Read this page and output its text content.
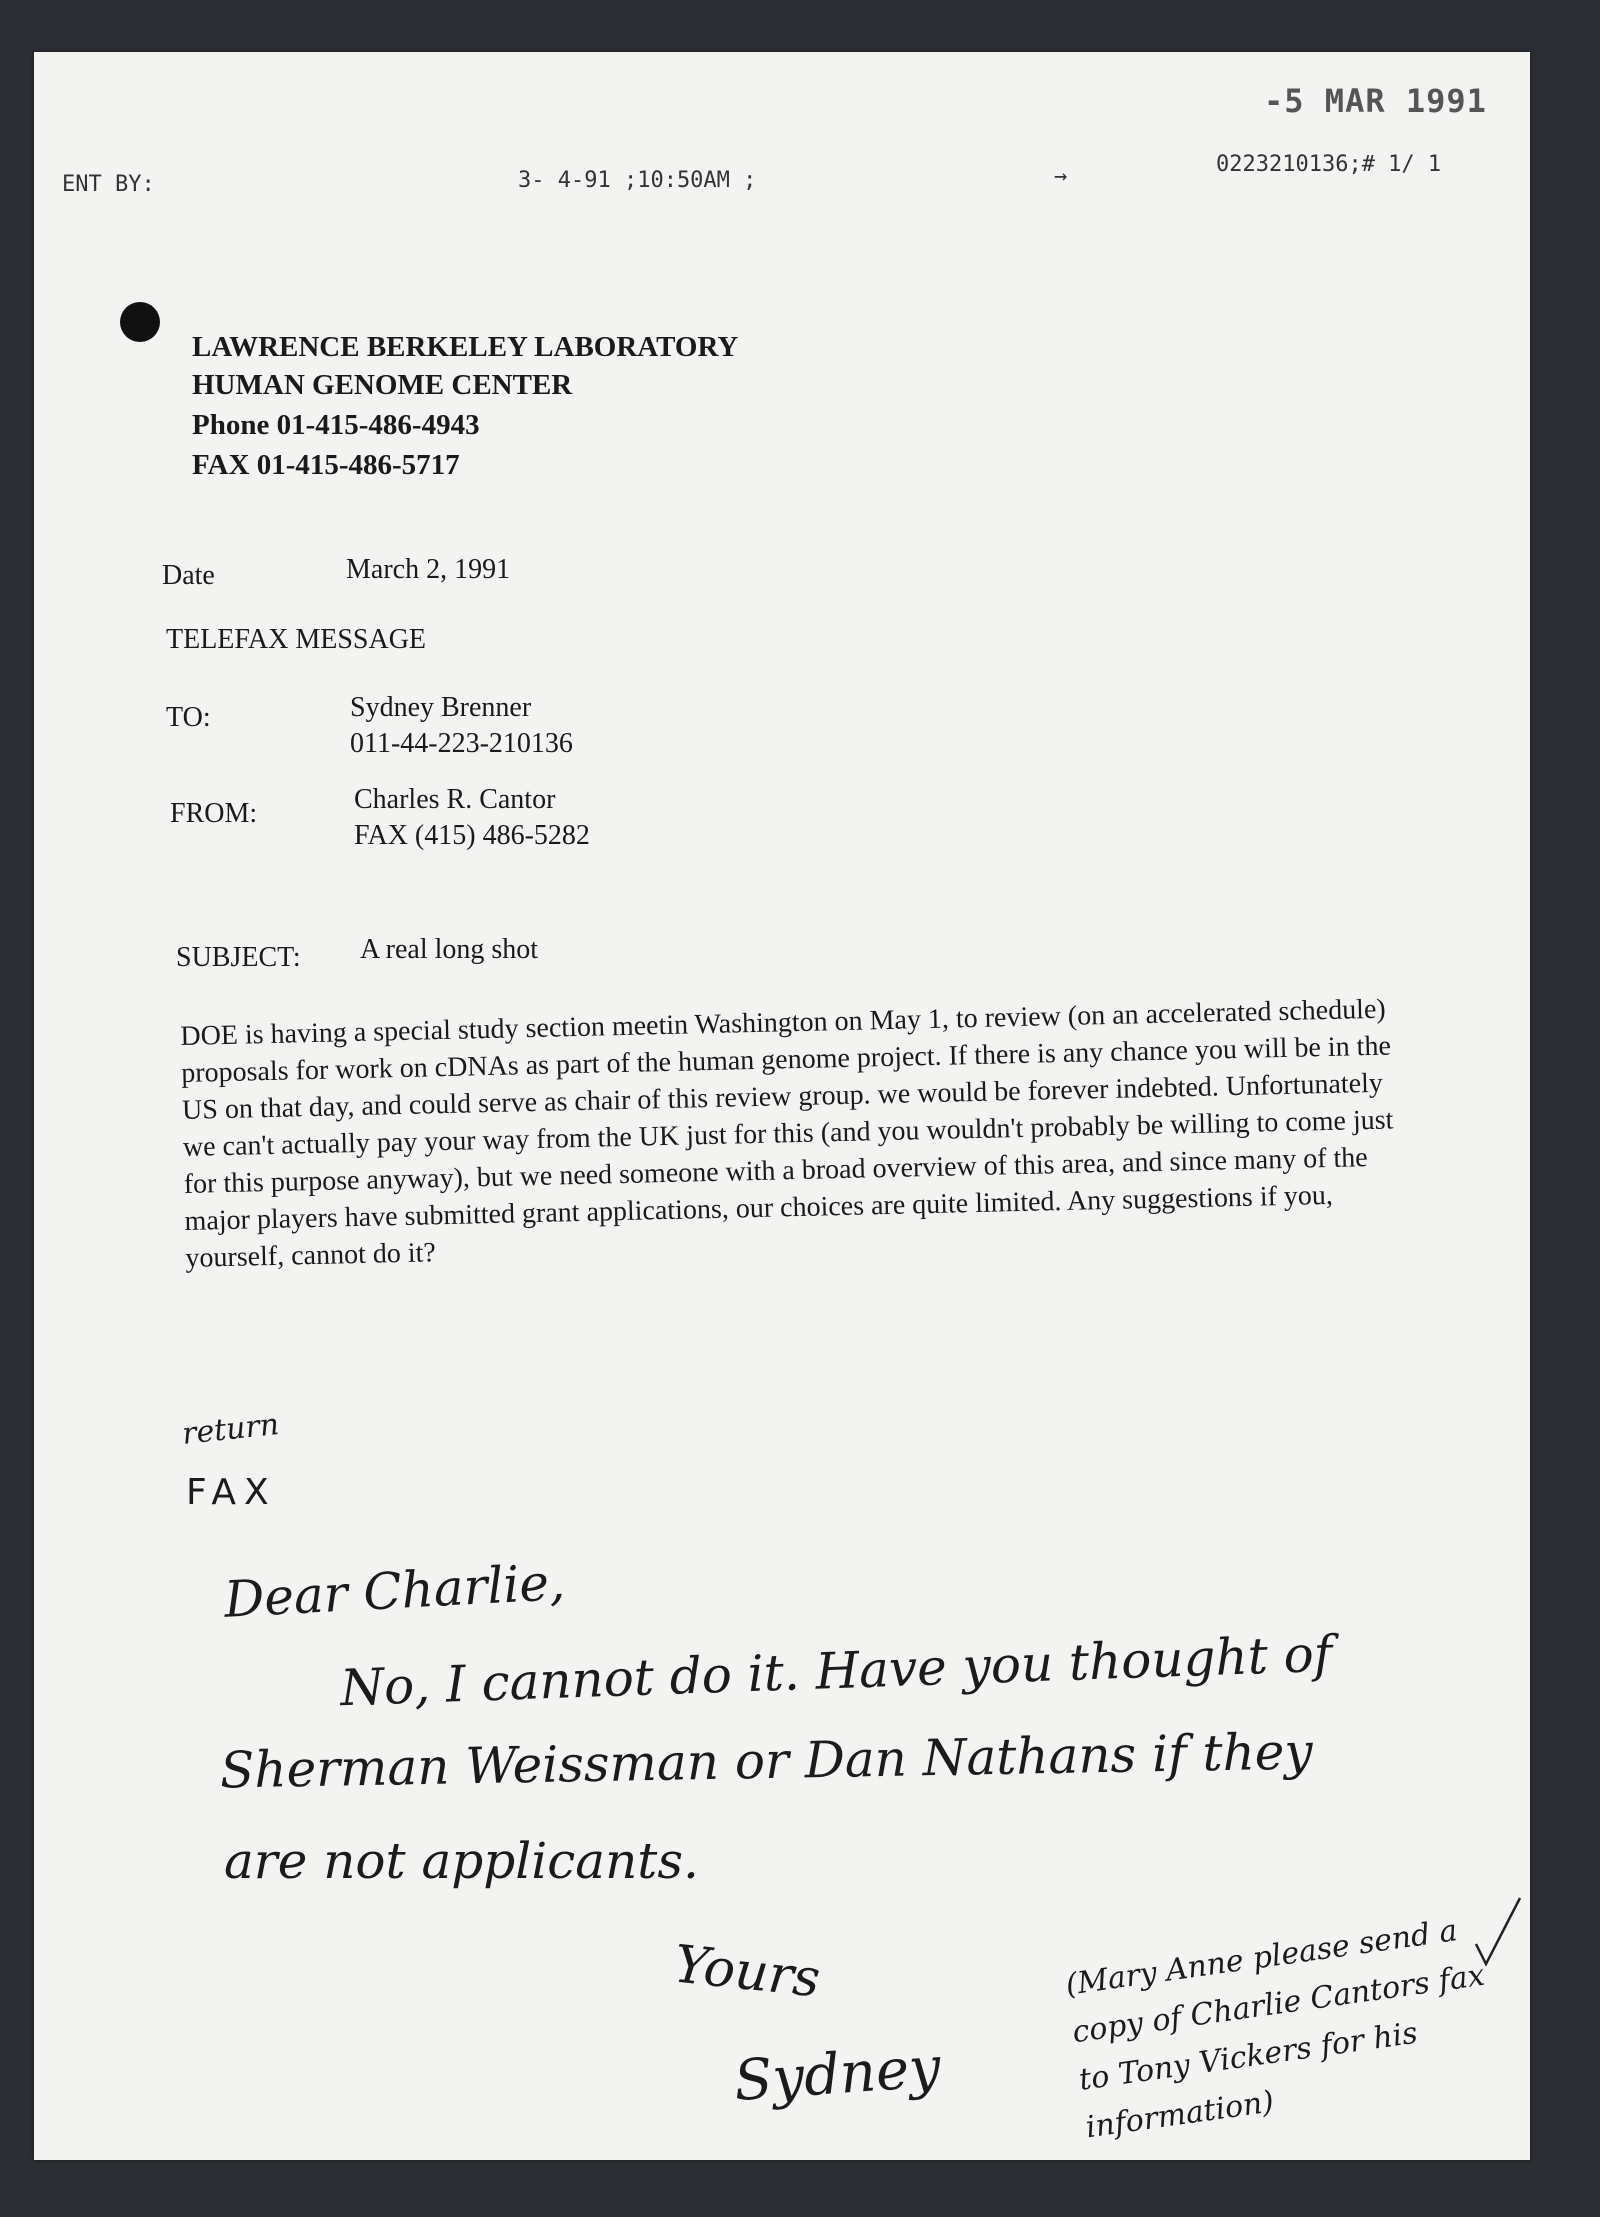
-5 MAR 1991
ENT BY:	3- 4-91 ;10:50AM ;	→	0223210136;# 1/ 1
LAWRENCE BERKELEY LABORATORY
HUMAN GENOME CENTER
Phone 01-415-486-4943
FAX 01-415-486-5717
Date	March 2, 1991
TELEFAX MESSAGE
TO:	Sydney Brenner
011-44-223-210136
FROM:	Charles R. Cantor
FAX (415) 486-5282
SUBJECT: A real long shot
DOE is having a special study section meetin Washington on May 1, to review (on an accelerated schedule) proposals for work on cDNAs as part of the human genome project. If there is any chance you will be in the US on that day, and could serve as chair of this review group. we would be forever indebted. Unfortunately we can't actually pay your way from the UK just for this (and you wouldn't probably be willing to come just for this purpose anyway), but we need someone with a broad overview of this area, and since many of the major players have submitted grant applications, our choices are quite limited. Any suggestions if you, yourself, cannot do it?
return
FAX
Dear Charlie,
No, I cannot do it. Have you thought of
Sherman Weissman or Dan Nathans if they
are not applicants.
Yours
Sydney
(Mary Anne please send a copy of Charlie Cantors fax to Tony Vickers for his information)
